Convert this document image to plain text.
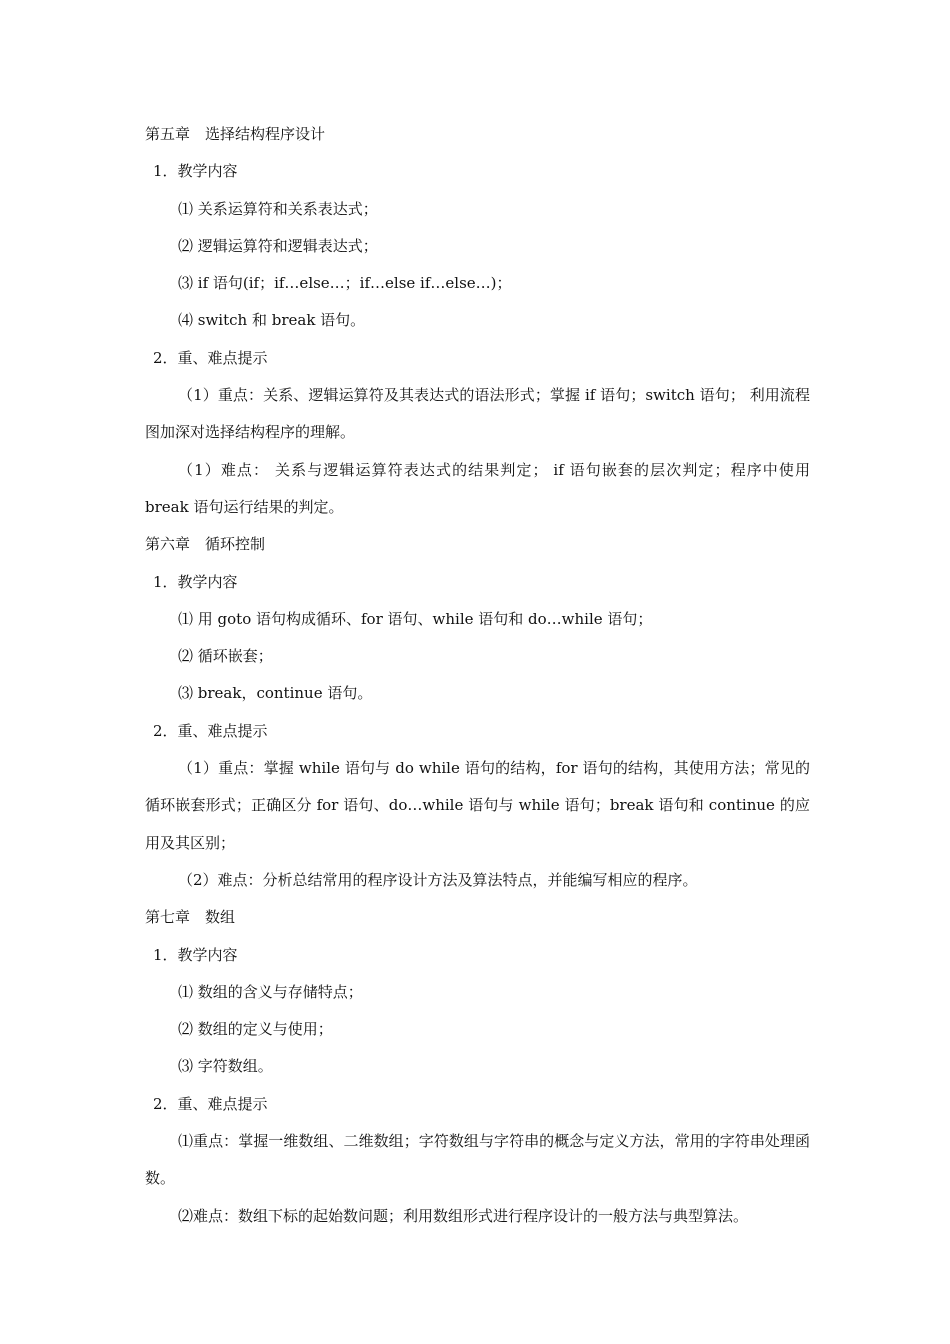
第五章　选择结构程序设计
1．教学内容
⑴ 关系运算符和关系表达式；
⑵ 逻辑运算符和逻辑表达式；
⑶ if 语句(if；if…else…；if…else if…else…)；
⑷ switch 和 break 语句。
2．重、难点提示

（1）重点：关系、逻辑运算符及其表达式的语法形式；掌握 if 语句；switch 语句； 利用流程图加深对选择结构程序的理解。

（1）难点： 关系与逻辑运算符表达式的结果判定； if 语句嵌套的层次判定；程序中使用 break 语句运行结果的判定。

第六章　循环控制
1．教学内容
⑴ 用 goto 语句构成循环、for 语句、while 语句和 do…while 语句；
⑵ 循环嵌套；
⑶ break，continue 语句。
2．重、难点提示

（1）重点：掌握 while 语句与 do while 语句的结构，for 语句的结构，其使用方法；常见的循环嵌套形式；正确区分 for 语句、do…while 语句与 while 语句；break 语句和 continue 的应用及其区别；

（2）难点：分析总结常用的程序设计方法及算法特点，并能编写相应的程序。

第七章　数组
1．教学内容
⑴ 数组的含义与存储特点；
⑵ 数组的定义与使用；
⑶ 字符数组。
2．重、难点提示

⑴重点：掌握一维数组、二维数组；字符数组与字符串的概念与定义方法，常用的字符串处理函数。

⑵难点：数组下标的起始数问题；利用数组形式进行程序设计的一般方法与典型算法。
